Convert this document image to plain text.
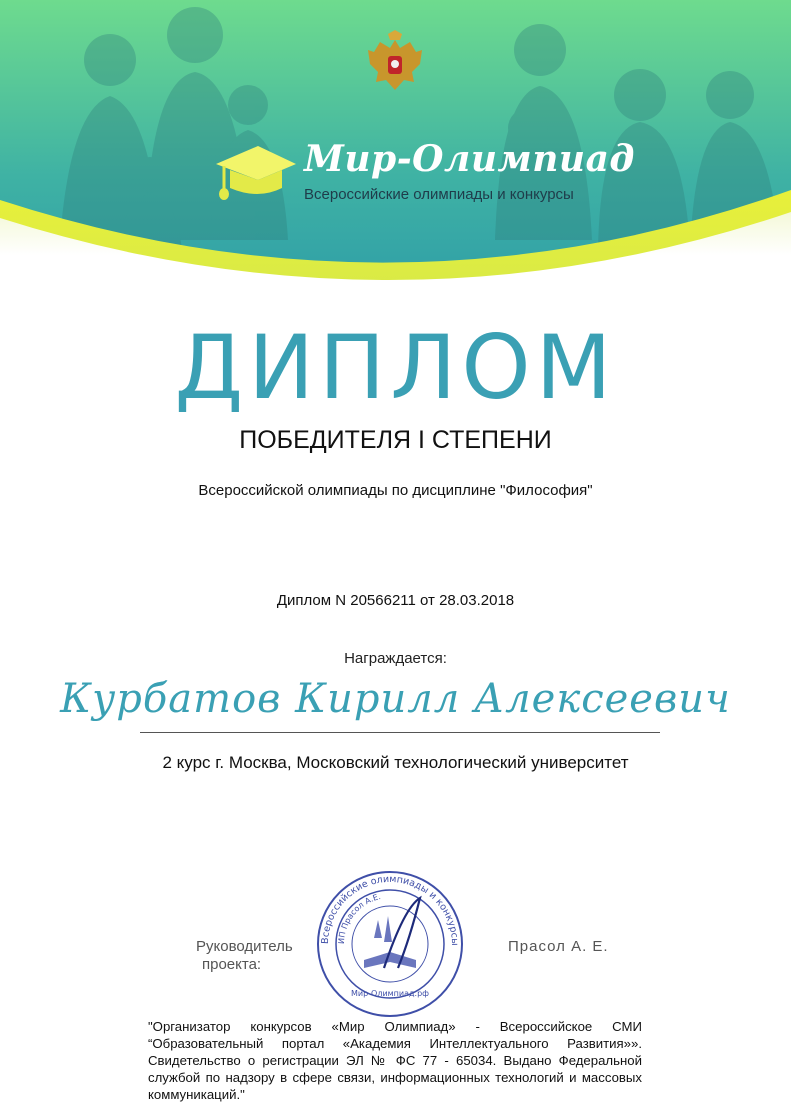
Мир-Олимпиад
Всероссийские олимпиады и конкурсы
ДИПЛОМ
ПОБЕДИТЕЛЯ I СТЕПЕНИ
Всероссийской олимпиады по дисциплине "Философия"
Диплом N 20566211 от 28.03.2018
Награждается:
Курбатов Кирилл Алексеевич
2 курс г. Москва, Московский технологический университет
Всероссийские олимпиады и конкурсы
ИП Прасол А.Е.
Мир-Олимпиад.рф
Руководитель
проекта:
Прасол А. Е.
"Организатор конкурсов «Мир Олимпиад» - Всероссийское СМИ “Образовательный портал «Академия Интеллектуального Развития»». Свидетельство о регистрации ЭЛ № ФС 77 - 65034. Выдано Федеральной службой по надзору в сфере связи, информационных технологий и массовых коммуникаций."
